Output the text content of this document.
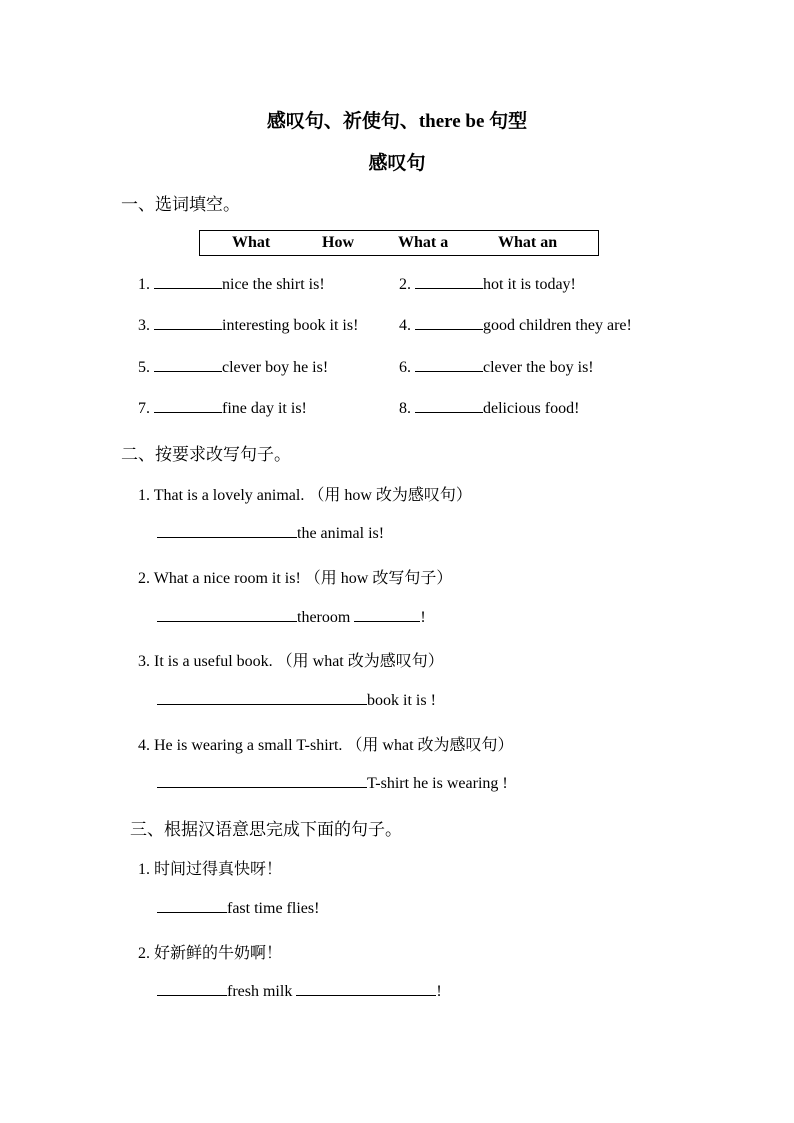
感叹句、祈使句、there be 句型
感叹句
一、选词填空。
What	How	What a	What an
1.	nice the shirt is!	2.	hot it is today!
3.	interesting book it is!	4.	good children they are!
5.	clever boy he is!	6.	clever the boy is!
7.	fine day it is!	8.	delicious food!
二、按要求改写句子。
1. That is a lovely animal. （用 how 改为感叹句）
the animal is!
2. What a nice room it is! （用 how 改写句子）
theroom	!
3. It is a useful book. （用 what 改为感叹句）
book it is !
4. He is wearing a small T-shirt. （用 what 改为感叹句）
T-shirt he is wearing !
三、根据汉语意思完成下面的句子。
1. 时间过得真快呀！
fast time flies!
2. 好新鲜的牛奶啊！
fresh milk	!
